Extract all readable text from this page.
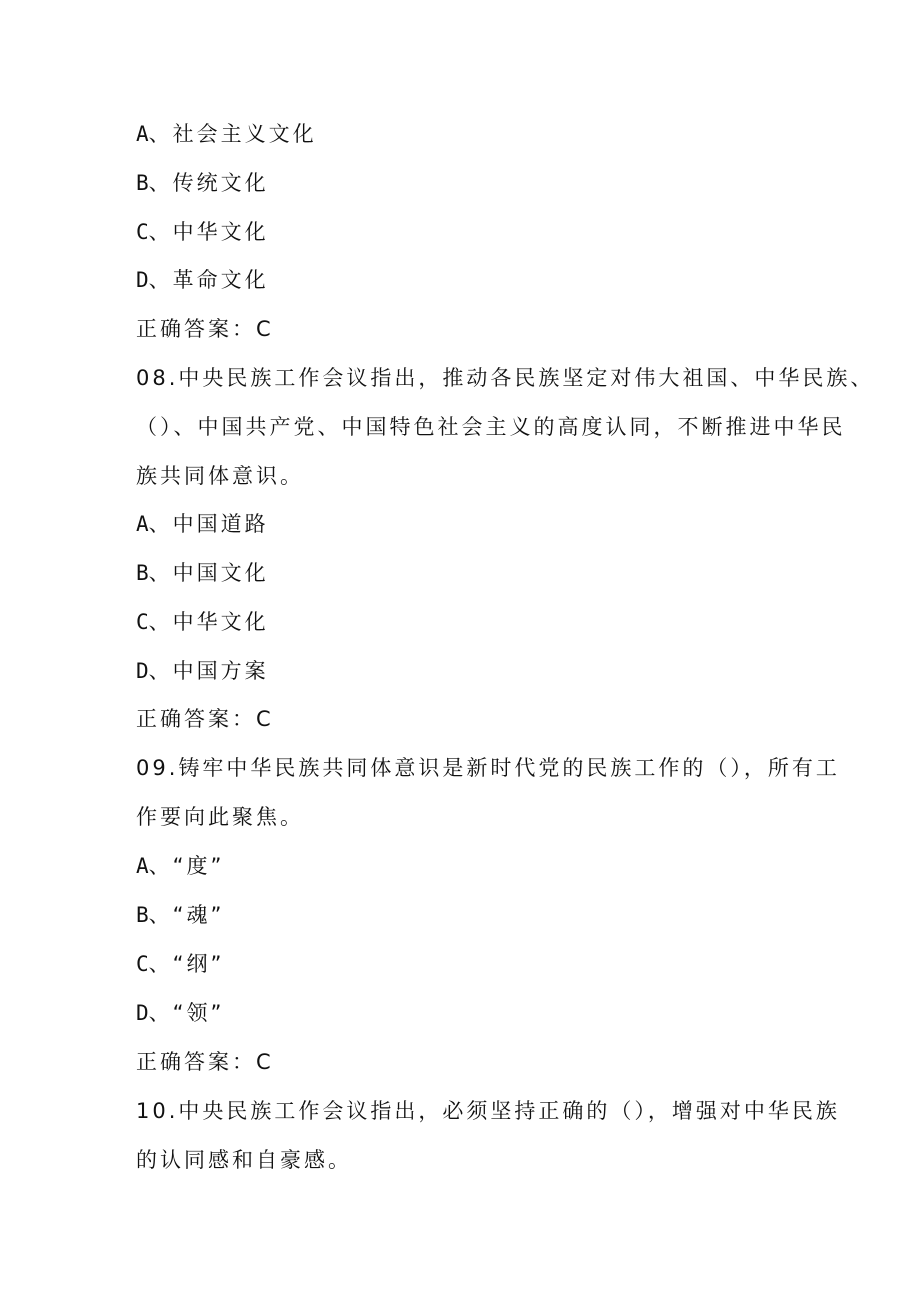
A、社会主义文化
B、传统文化
C、中华文化
D、革命文化
正确答案：C
08.中央民族工作会议指出，推动各民族坚定对伟大祖国、中华民族、
（）、中国共产党、中国特色社会主义的高度认同，不断推进中华民
族共同体意识。
A、中国道路
B、中国文化
C、中华文化
D、中国方案
正确答案：C
09.铸牢中华民族共同体意识是新时代党的民族工作的（），所有工
作要向此聚焦。
A、“度”
B、“魂”
C、“纲”
D、“领”
正确答案：C
10.中央民族工作会议指出，必须坚持正确的（），增强对中华民族
的认同感和自豪感。
